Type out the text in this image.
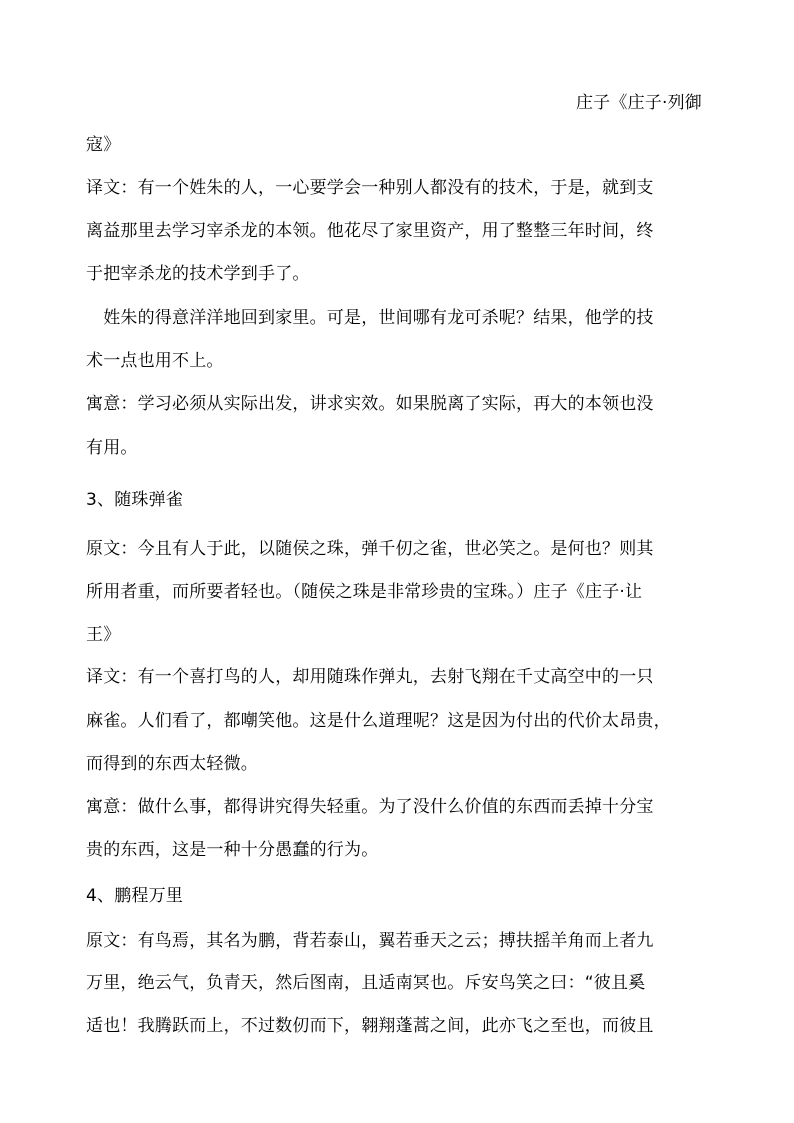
庄子《庄子·列御
寇》
译文：有一个姓朱的人，一心要学会一种别人都没有的技术，于是，就到支
离益那里去学习宰杀龙的本领。他花尽了家里资产，用了整整三年时间，终
于把宰杀龙的技术学到手了。
　姓朱的得意洋洋地回到家里。可是，世间哪有龙可杀呢？结果，他学的技
术一点也用不上。
寓意：学习必须从实际出发，讲求实效。如果脱离了实际，再大的本领也没
有用。
3、随珠弹雀
原文：今且有人于此，以随侯之珠，弹千仞之雀，世必笑之。是何也？则其
所用者重，而所要者轻也。（随侯之珠是非常珍贵的宝珠。）庄子《庄子·让
王》
译文：有一个喜打鸟的人，却用随珠作弹丸，去射飞翔在千丈高空中的一只
麻雀。人们看了，都嘲笑他。这是什么道理呢？这是因为付出的代价太昂贵，
而得到的东西太轻微。
寓意：做什么事，都得讲究得失轻重。为了没什么价值的东西而丢掉十分宝
贵的东西，这是一种十分愚蠢的行为。
4、鹏程万里
原文：有鸟焉，其名为鹏，背若泰山，翼若垂天之云；搏扶摇羊角而上者九
万里，绝云气，负青天，然后图南，且适南冥也。斥安鸟笑之曰：“彼且奚
适也！我腾跃而上，不过数仞而下，翱翔蓬蒿之间，此亦飞之至也，而彼且
